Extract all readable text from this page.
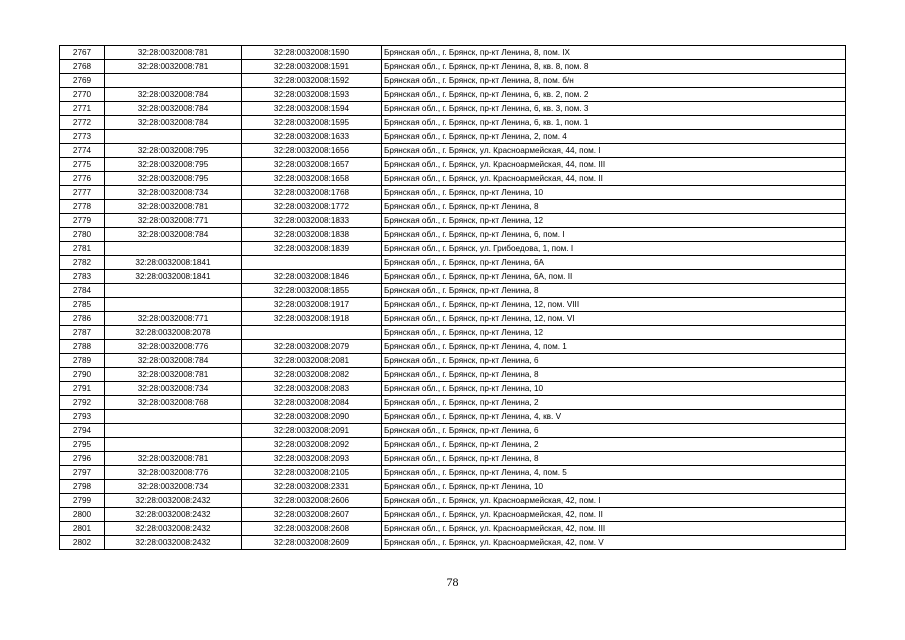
2767	32:28:0032008:781	32:28:0032008:1590	Брянская обл., г. Брянск, пр-кт Ленина, 8, пом. IX
2768	32:28:0032008:781	32:28:0032008:1591	Брянская обл., г. Брянск, пр-кт Ленина, 8, кв. 8, пом. 8
2769		32:28:0032008:1592	Брянская обл., г. Брянск, пр-кт Ленина, 8, пом. б/н
2770	32:28:0032008:784	32:28:0032008:1593	Брянская обл., г. Брянск, пр-кт Ленина, 6, кв. 2, пом. 2
2771	32:28:0032008:784	32:28:0032008:1594	Брянская обл., г. Брянск, пр-кт Ленина, 6, кв. 3, пом. 3
2772	32:28:0032008:784	32:28:0032008:1595	Брянская обл., г. Брянск, пр-кт Ленина, 6, кв. 1, пом. 1
2773		32:28:0032008:1633	Брянская обл., г. Брянск, пр-кт Ленина, 2, пом. 4
2774	32:28:0032008:795	32:28:0032008:1656	Брянская обл., г. Брянск, ул. Красноармейская, 44, пом. I
2775	32:28:0032008:795	32:28:0032008:1657	Брянская обл., г. Брянск, ул. Красноармейская, 44, пом. III
2776	32:28:0032008:795	32:28:0032008:1658	Брянская обл., г. Брянск, ул. Красноармейская, 44, пом. II
2777	32:28:0032008:734	32:28:0032008:1768	Брянская обл., г. Брянск, пр-кт Ленина, 10
2778	32:28:0032008:781	32:28:0032008:1772	Брянская обл., г. Брянск, пр-кт Ленина, 8
2779	32:28:0032008:771	32:28:0032008:1833	Брянская обл., г. Брянск, пр-кт Ленина, 12
2780	32:28:0032008:784	32:28:0032008:1838	Брянская обл., г. Брянск, пр-кт Ленина, 6, пом. I
2781		32:28:0032008:1839	Брянская обл., г. Брянск, ул. Грибоедова, 1, пом. I
2782	32:28:0032008:1841		Брянская обл., г. Брянск, пр-кт Ленина, 6А
2783	32:28:0032008:1841	32:28:0032008:1846	Брянская обл., г. Брянск, пр-кт Ленина, 6А, пом. II
2784		32:28:0032008:1855	Брянская обл., г. Брянск, пр-кт Ленина, 8
2785		32:28:0032008:1917	Брянская обл., г. Брянск, пр-кт Ленина, 12, пом. VIII
2786	32:28:0032008:771	32:28:0032008:1918	Брянская обл., г. Брянск, пр-кт Ленина, 12, пом. VI
2787	32:28:0032008:2078		Брянская обл., г. Брянск, пр-кт Ленина, 12
2788	32:28:0032008:776	32:28:0032008:2079	Брянская обл., г. Брянск, пр-кт Ленина, 4, пом. 1
2789	32:28:0032008:784	32:28:0032008:2081	Брянская обл., г. Брянск, пр-кт Ленина, 6
2790	32:28:0032008:781	32:28:0032008:2082	Брянская обл., г. Брянск, пр-кт Ленина, 8
2791	32:28:0032008:734	32:28:0032008:2083	Брянская обл., г. Брянск, пр-кт Ленина, 10
2792	32:28:0032008:768	32:28:0032008:2084	Брянская обл., г. Брянск, пр-кт Ленина, 2
2793		32:28:0032008:2090	Брянская обл., г. Брянск, пр-кт Ленина, 4, кв. V
2794		32:28:0032008:2091	Брянская обл., г. Брянск, пр-кт Ленина, 6
2795		32:28:0032008:2092	Брянская обл., г. Брянск, пр-кт Ленина, 2
2796	32:28:0032008:781	32:28:0032008:2093	Брянская обл., г. Брянск, пр-кт Ленина, 8
2797	32:28:0032008:776	32:28:0032008:2105	Брянская обл., г. Брянск, пр-кт Ленина, 4, пом. 5
2798	32:28:0032008:734	32:28:0032008:2331	Брянская обл., г. Брянск, пр-кт Ленина, 10
2799	32:28:0032008:2432	32:28:0032008:2606	Брянская обл., г. Брянск, ул. Красноармейская, 42, пом. I
2800	32:28:0032008:2432	32:28:0032008:2607	Брянская обл., г. Брянск, ул. Красноармейская, 42, пом. II
2801	32:28:0032008:2432	32:28:0032008:2608	Брянская обл., г. Брянск, ул. Красноармейская, 42, пом. III
2802	32:28:0032008:2432	32:28:0032008:2609	Брянская обл., г. Брянск, ул. Красноармейская, 42, пом. V
78
